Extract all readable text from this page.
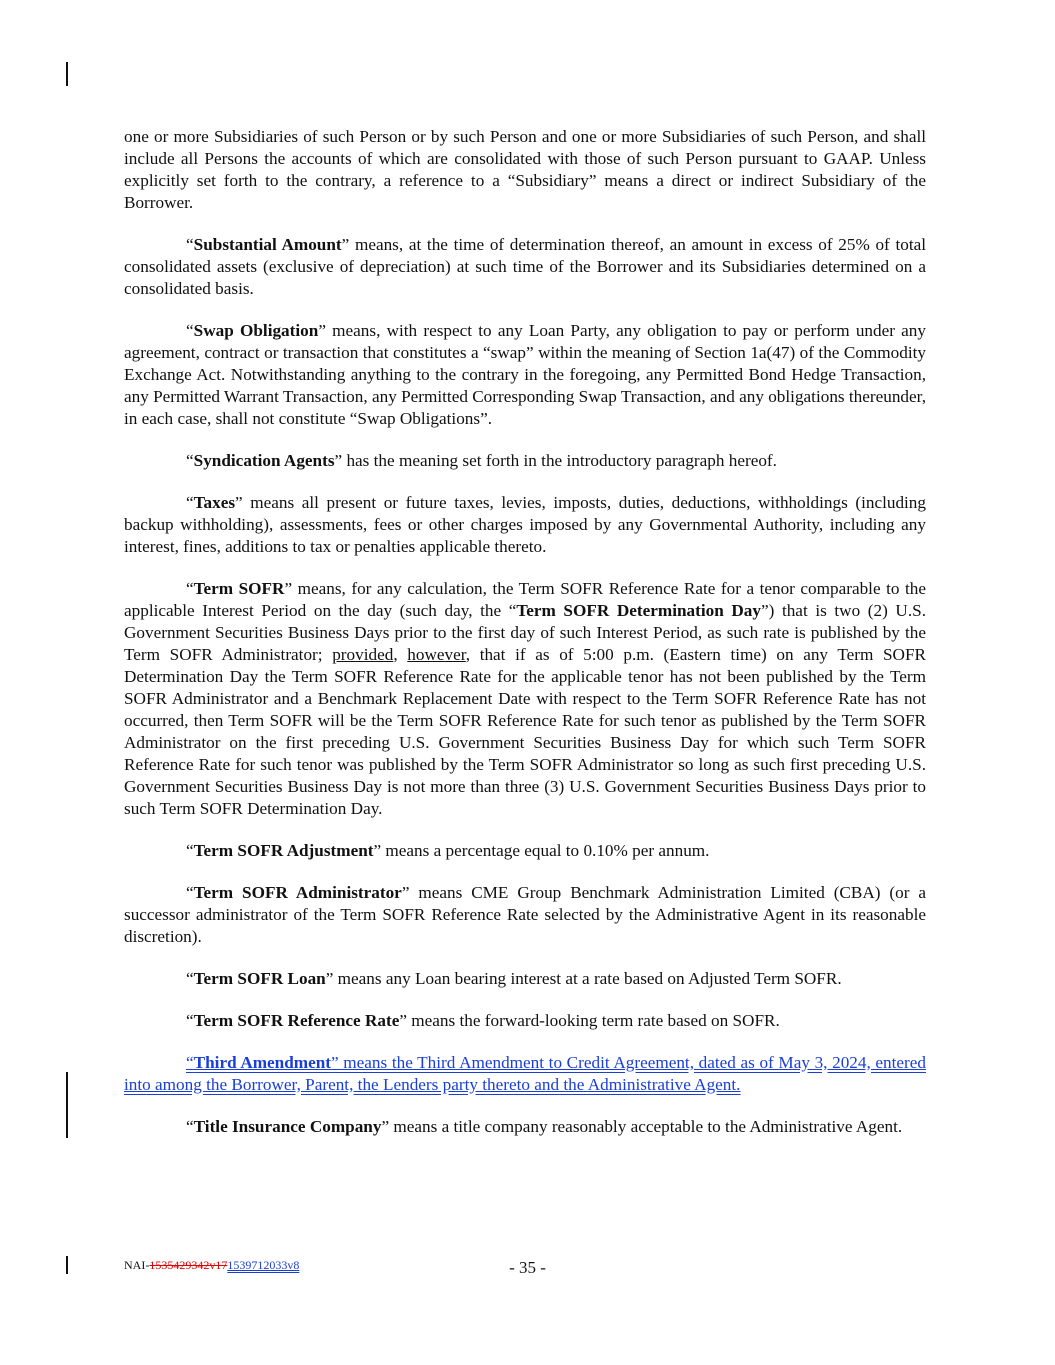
one or more Subsidiaries of such Person or by such Person and one or more Subsidiaries of such Person, and shall include all Persons the accounts of which are consolidated with those of such Person pursuant to GAAP. Unless explicitly set forth to the contrary, a reference to a “Subsidiary” means a direct or indirect Subsidiary of the Borrower.

“Substantial Amount” means, at the time of determination thereof, an amount in excess of 25% of total consolidated assets (exclusive of depreciation) at such time of the Borrower and its Subsidiaries determined on a consolidated basis.

“Swap Obligation” means, with respect to any Loan Party, any obligation to pay or perform under any agreement, contract or transaction that constitutes a “swap” within the meaning of Section 1a(47) of the Commodity Exchange Act. Notwithstanding anything to the contrary in the foregoing, any Permitted Bond Hedge Transaction, any Permitted Warrant Transaction, any Permitted Corresponding Swap Transaction, and any obligations thereunder, in each case, shall not constitute “Swap Obligations”.

“Syndication Agents” has the meaning set forth in the introductory paragraph hereof.

“Taxes” means all present or future taxes, levies, imposts, duties, deductions, withholdings (including backup withholding), assessments, fees or other charges imposed by any Governmental Authority, including any interest, fines, additions to tax or penalties applicable thereto.

“Term SOFR” means, for any calculation, the Term SOFR Reference Rate for a tenor comparable to the applicable Interest Period on the day (such day, the “Term SOFR Determination Day”) that is two (2) U.S. Government Securities Business Days prior to the first day of such Interest Period, as such rate is published by the Term SOFR Administrator; provided, however, that if as of 5:00 p.m. (Eastern time) on any Term SOFR Determination Day the Term SOFR Reference Rate for the applicable tenor has not been published by the Term SOFR Administrator and a Benchmark Replacement Date with respect to the Term SOFR Reference Rate has not occurred, then Term SOFR will be the Term SOFR Reference Rate for such tenor as published by the Term SOFR Administrator on the first preceding U.S. Government Securities Business Day for which such Term SOFR Reference Rate for such tenor was published by the Term SOFR Administrator so long as such first preceding U.S. Government Securities Business Day is not more than three (3) U.S. Government Securities Business Days prior to such Term SOFR Determination Day.

“Term SOFR Adjustment” means a percentage equal to 0.10% per annum.

“Term SOFR Administrator” means CME Group Benchmark Administration Limited (CBA) (or a successor administrator of the Term SOFR Reference Rate selected by the Administrative Agent in its reasonable discretion).

“Term SOFR Loan” means any Loan bearing interest at a rate based on Adjusted Term SOFR.

“Term SOFR Reference Rate” means the forward-looking term rate based on SOFR.

“Third Amendment” means the Third Amendment to Credit Agreement, dated as of May 3, 2024, entered into among the Borrower, Parent, the Lenders party thereto and the Administrative Agent.

“Title Insurance Company” means a title company reasonably acceptable to the Administrative Agent.

NAI-1535429342v171539712033v8	- 35 -
